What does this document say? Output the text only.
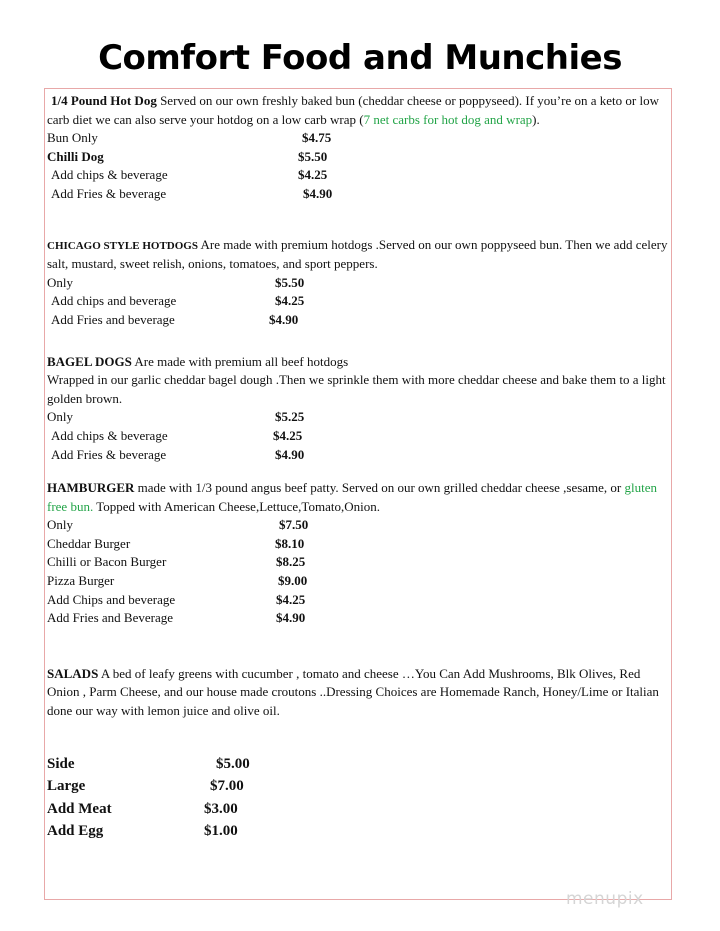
Comfort Food and Munchies

1/4 Pound Hot Dog Served on our own freshly baked bun (cheddar cheese or poppyseed). If you’re on a keto or low carb diet we can also serve your hotdog on a low carb wrap (7 net carbs for hot dog and wrap).

Bun Only	$4.75
Chilli Dog	$5.50
Add chips & beverage	$4.25
Add Fries & beverage	$4.90

CHICAGO STYLE HOTDOGS Are made with premium hotdogs .Served on our own poppyseed bun. Then we add celery salt, mustard, sweet relish, onions, tomatoes, and sport peppers.

Only	$5.50
Add chips and beverage	$4.25
Add Fries and beverage	$4.90

BAGEL DOGS Are made with premium all beef hotdogs

Wrapped in our garlic cheddar bagel dough .Then we sprinkle them with more cheddar cheese and bake them to a light golden brown.

Only	$5.25
Add chips & beverage	$4.25
Add Fries & beverage	$4.90

HAMBURGER made with 1/3 pound angus beef patty. Served on our own grilled cheddar cheese ,sesame, or gluten free bun. Topped with American Cheese,Lettuce,Tomato,Onion.

Only	$7.50
Cheddar Burger	$8.10
Chilli or Bacon Burger	$8.25
Pizza Burger	$9.00
Add Chips and beverage	$4.25
Add Fries and Beverage	$4.90

SALADS A bed of leafy greens with cucumber , tomato and cheese …You Can Add Mushrooms, Blk Olives, Red Onion , Parm Cheese, and our house made croutons ..Dressing Choices are Homemade Ranch, Honey/Lime or Italian done our way with lemon juice and olive oil.

Side	$5.00
Large	$7.00
Add Meat	$3.00
Add Egg	$1.00
menupix
